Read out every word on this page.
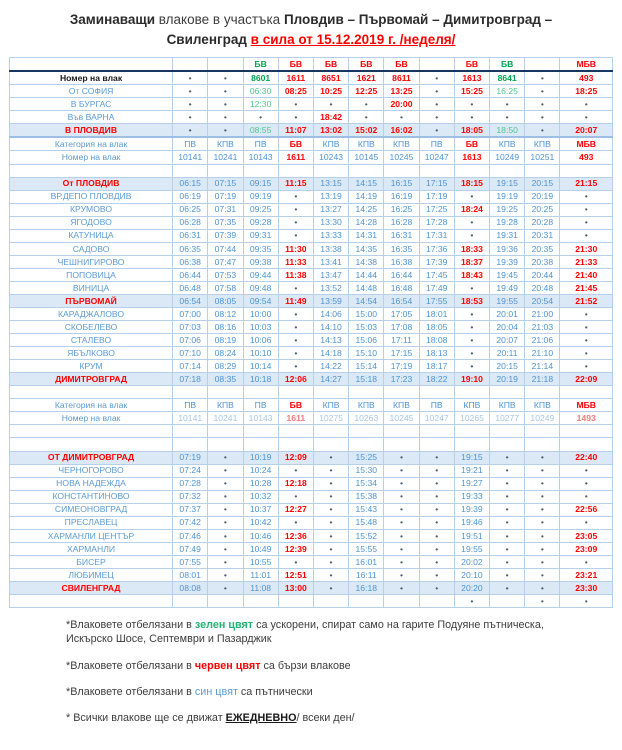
Заминаващи влакове в участъка Пловдив – Първомай – Димитровград – Свиленград в сила от 15.12.2019 г. /неделя/
			БВ	БВ	БВ	БВ	БВ		БВ	БВ		МБВ
Номер на влак	•	•	8601	1611	8651	1621	8611	•	1613	8641	•	493
От СОФИЯ	•	•	06:30	08:25	10:25	12:25	13:25	•	15:25	16:25	•	18:25
В БУРГАС	•	•	12:30	•	•	•	20:00	•	•	•	•	•
Във ВАРНА	•	•	•	•	18:42	•	•	•	•	•	•	•
В ПЛОВДИВ	•	•	08:55	11:07	13:02	15:02	16:02	•	18:05	18:50	•	20:07
Категория на влак	ПВ	КПВ	ПВ	БВ	КПВ	КПВ	КПВ	ПВ	БВ	КПВ	КПВ	МБВ
Номер на влак	10141	10241	10143	1611	10243	10145	10245	10247	1613	10249	10251	493

От ПЛОВДИВ	06:15	07:15	09:15	11:15	13:15	14:15	16:15	17:15	18:15	19:15	20:15	21:15
ВР.ДЕПО ПЛОВДИВ	06:19	07:19	09:19	•	13:19	14:19	16:19	17:19	•	19:19	20:19	•
КРУМОВО	06:25	07:31	09:25	•	13:27	14:25	16:25	17:25	18:24	19:25	20:25	•
ЯГОДОВО	06:28	07:35	09:28	•	13:30	14:28	16:28	17:28	•	19:28	20:28	•
КАТУНИЦА	06:31	07:39	09:31	•	13:33	14:31	16:31	17:31	•	19:31	20:31	•
САДОВО	06:35	07:44	09:35	11:30	13:38	14:35	16:35	17:36	18:33	19:36	20:35	21:30
ЧЕШНИГИРОВО	06:38	07:47	09:38	11:33	13:41	14:38	16:38	17:39	18:37	19:39	20:38	21:33
ПОПОВИЦА	06:44	07:53	09:44	11:38	13:47	14:44	16:44	17:45	18:43	19:45	20:44	21:40
ВИНИЦА	06:48	07:58	09:48	•	13:52	14:48	16:48	17:49	•	19:49	20:48	21:45
ПЪРВОМАЙ	06:54	08:05	09:54	11:49	13:59	14:54	16:54	17:55	18:53	19:55	20:54	21:52
КАРАДЖАЛОВО	07:00	08:12	10:00	•	14:06	15:00	17:05	18:01	•	20:01	21:00	•
СКОБЕЛЕВО	07:03	08:16	10:03	•	14:10	15:03	17:08	18:05	•	20:04	21:03	•
СТАЛЕВО	07:06	08:19	10:06	•	14:13	15:06	17:11	18:08	•	20:07	21:06	•
ЯБЪЛКОВО	07:10	08:24	10:10	•	14:18	15:10	17:15	18:13	•	20:11	21:10	•
КРУМ	07:14	08:29	10:14	•	14:22	15:14	17:19	18:17	•	20:15	21:14	•
ДИМИТРОВГРАД	07:18	08:35	10:18	12:06	14:27	15:18	17:23	18:22	19:10	20:19	21:18	22:09

Категория на влак	ПВ	КПВ	ПВ	БВ	КПВ	КПВ	КПВ	ПВ	КПВ	КПВ	КПВ	МБВ
Номер на влак	10141	10241	10143	1611	10275	10263	10245	10247	10265	10277	10249	1493

ОТ ДИМИТРОВГРАД	07:19	•	10:19	12:09	•	15:25	•	•	19:15	•	•	22:40
ЧЕРНОГОРОВО	07:24	•	10:24	•	•	15:30	•	•	19:21	•	•	•
НОВА НАДЕЖДА	07:28	•	10:28	12:18	•	15:34	•	•	19:27	•	•	•
КОНСТАНТИНОВО	07:32	•	10:32	•	•	15:38	•	•	19:33	•	•	•
СИМЕОНОВГРАД	07:37	•	10:37	12:27	•	15:43	•	•	19:39	•	•	22:56
ПРЕСЛАВЕЦ	07:42	•	10:42	•	•	15:48	•	•	19:46	•	•	•
ХАРМАНЛИ ЦЕНТЪР	07:46	•	10:46	12:36	•	15:52	•	•	19:51	•	•	23:05
ХАРМАНЛИ	07:49	•	10:49	12:39	•	15:55	•	•	19:55	•	•	23:09
БИСЕР	07:55	•	10:55	•	•	16:01	•	•	20:02	•	•	•
ЛЮБИМЕЦ	08:01	•	11:01	12:51	•	16:11	•	•	20:10	•	•	23:21
СВИЛЕНГРАД	08:08	•	11:08	13:00	•	16:18	•	•	20:20	•	•	23:30
									•		•	•
*Влаковете отбелязани в зелен цвят са ускорени, спират само на гарите Подуяне пътническа, Искърско Шосе, Септември и Пазарджик
*Влаковете отбелязани в червен цвят са бързи влакове
*Влаковете отбелязани в син цвят са пътнически
* Всички влакове ще се движат ЕЖЕДНЕВНО/ всеки ден/
